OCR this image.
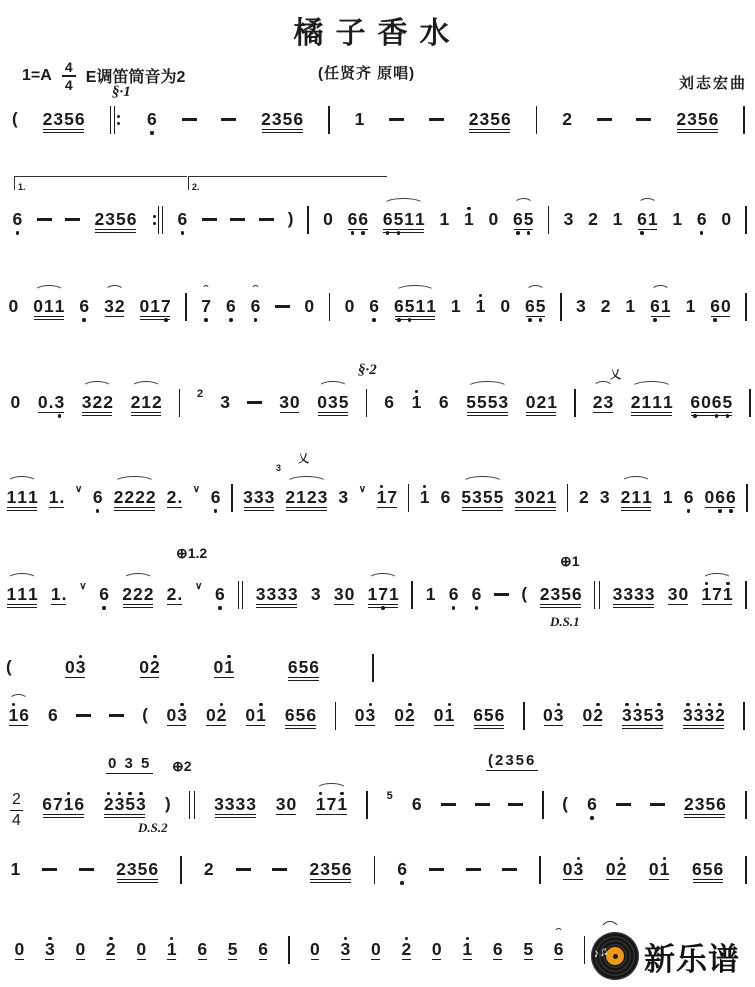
橘子香水
1=A 4
4 E调笛筒音为2	(任贤齐 原唱)
刘志宏曲
( 2 3 5 6	6	2 3 5 6	1	2 3 5 6	2	2 3 5 6
6	2 3 5 6 6	) 0 6 6 6 5 1 1 1 1 0 6 5 3 2 1 6 1 1 6 0
0 0 1 1 6 3 2 0 1 7 7 6 6	0 0 6 6 5 1 1 1 1 0 6 5 3 2 1 6 1 1 6 0
0 0 . 3 3 2 2 2 1 2	2 3	3 0 0 3 5 6 1 6 5 5 5 3 0 2 1 2 3 2 1 1 1 6 0 6 5
1 1 1 1 . ∨ 6 2 2 2 2 2 . ∨ 6 3 3 3 2 1 2 3 3 ∨ 1 7 1 6 5 3 5 5 3 0 2 1 2 3 2 1 1 1 6 0 6 6
1 1 1 1 . ∨ 6 2 2 2 2 . ∨ 6 3 3 3 3 3 3 0 1 7 1 1 6 6 ( 2 3 5 6 3 3 3 3 3 0 1 7 1
(	0 3	0 2	0 1	6 5 6
1 6 6	( 0 3 0 2 0 1 6 5 6 0 3 0 2 0 1 6 5 6 0 3 0 2 3 3 5 3 3 3 3 2
2
4
6 7 1 6 2 3 5 3 ) 3 3 3 3 3 0 1 7 1	5 6	( 6	2 3 5 6
1	2 3 5 6	2	2 3 5 6	6	0 3 0 2 0 1 6 5 6
0 3 0 2 0 1 6 5 6 0 3 0 2 0 1 6 5 6
§·1
§·2	乂
乂
3
⊕1.2	⊕1
D.S.1
0 3 5 ⊕2	(2356
D.S.2
1.	2.
♪♫ 新乐谱
